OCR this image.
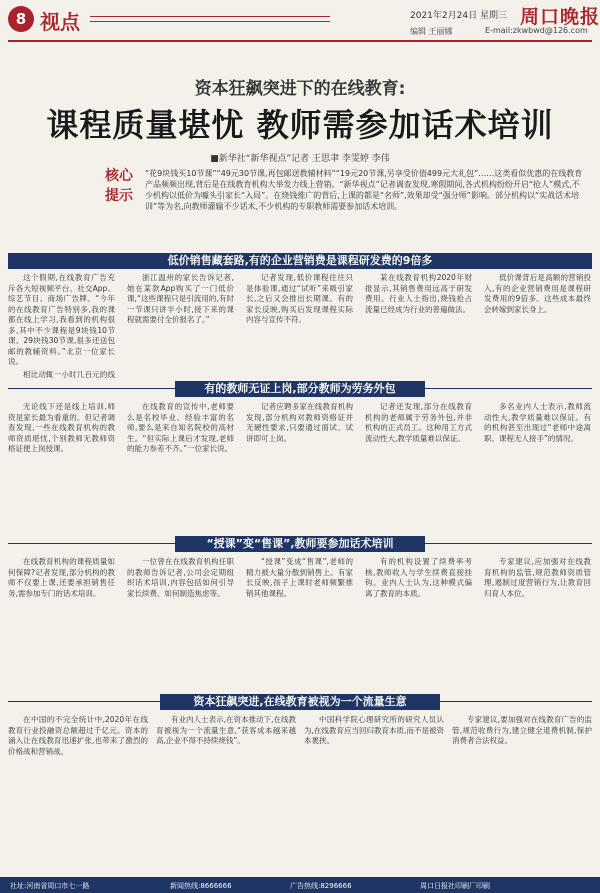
8 视点	2021年2月24日 星期三 周口晚报
编辑 王丽娜	E-mail:zkwbwd@126.com
资本狂飙突进下的在线教育:
课程质量堪忧 教师需参加话术培训
■新华社“新华视点”记者 王思聿 李雯婷 李伟
核心提示
“花9块钱买10节课”“49元30节课,再包邮送教辅材料”“19元20节课,另享受价值499元大礼包”……这类看似优惠的在线教育产品频频出现,背后是在线教育机构大举发力线上营销。“新华视点”记者调查发现,寒假期间,各式机构纷纷开启“抢人”模式,不少机构以低价为噱头引家长“入局”。在烧钱推广的背后,上课的都是“名师”,效果却受“强分师”影响。部分机构以“实战话术培训”等为名,向教师灌输不少话术,不少机构的专职教师需要参加话术培训。
低价销售藏套路,有的企业营销费是课程研发费的9倍多

这个假期,在线教育广告充斥各大短视频平台、社交App、综艺节目、商场广告牌。“今年的在线教育广告特别多,我的课都在线上学习,我看到的机构很多,其中不少课程是9块钱10节课、29块钱30节课,很多还送包邮的教辅资料。”北京一位家长说。

相比动辄一小时几百元的线

浙江温州的家长告诉记者,她在某款App购买了一门低价课,“这些课程只是引流用的,有时一节课只讲半小时,接下来的课程就需要付全价报名了。”

记者发现,低价课程往往只是体验课,通过“试听”来吸引家长,之后又会推出长期课。有的家长反映,购买后发现课程实际内容与宣传不符。

某在线教育机构2020年财报显示,其销售费用远高于研发费用。行业人士指出,烧钱抢占流量已经成为行业的普遍做法。

低价课背后是高额的营销投入,有的企业营销费用是课程研发费用的9倍多。这些成本最终会转嫁到家长身上。

有的教师无证上岗,部分教师为劳务外包

无论线下还是线上培训,师资是家长最为看重的。但记者调查发现,一些在线教育机构的教师资质堪忧,个别教师无教师资格证便上岗授课。

在线教育的宣传中,老师要么是名校毕业、经验丰富的名师,要么是来自知名院校的高材生。“但实际上课后才发现,老师的能力参差不齐。”一位家长说。

记者应聘多家在线教育机构发现,部分机构对教师资格证并无硬性要求,只要通过面试、试讲即可上岗。

记者还发现,部分在线教育机构的老师属于劳务外包,并非机构的正式员工。这种用工方式流动性大,教学质量难以保证。

多名业内人士表示,教师流动性大,教学质量难以保证。有的机构甚至出现过“老师中途离职、课程无人接手”的情况。

“授课”变“售课”,教师要参加话术培训

在线教育机构的课程质量如何保障?记者发现,部分机构的教师不仅要上课,还要承担销售任务,需参加专门的话术培训。

一位曾在在线教育机构任职的教师告诉记者,公司会定期组织话术培训,内容包括如何引导家长续费、如何制造焦虑等。

“授课”变成“售课”,老师的精力被大量分散到销售上。有家长反映,孩子上课时老师频繁推销其他课程。

有的机构设置了续费率考核,教师收入与学生续费直接挂钩。业内人士认为,这种模式偏离了教育的本质。

专家建议,应加强对在线教育机构的监管,规范教师资质管理,遏制过度营销行为,让教育回归育人本位。

资本狂飙突进,在线教育被视为一个流量生意

在中国的不完全统计中,2020年在线教育行业投融资总额超过千亿元。资本的涌入让在线教育迅速扩张,也带来了激烈的价格战和营销战。

有业内人士表示,在资本推动下,在线教育被视为一个流量生意,“获客成本越来越高,企业不得不持续烧钱”。

中国科学院心理研究所的研究人员认为,在线教育应当回归教育本质,而不是被资本裹挟。

专家建议,要加强对在线教育广告的监管,规范收费行为,建立健全退费机制,保护消费者合法权益。

社址:河南省周口市七一路	新闻热线:8666666	广告热线:8296666	周口日报社印刷厂印刷
